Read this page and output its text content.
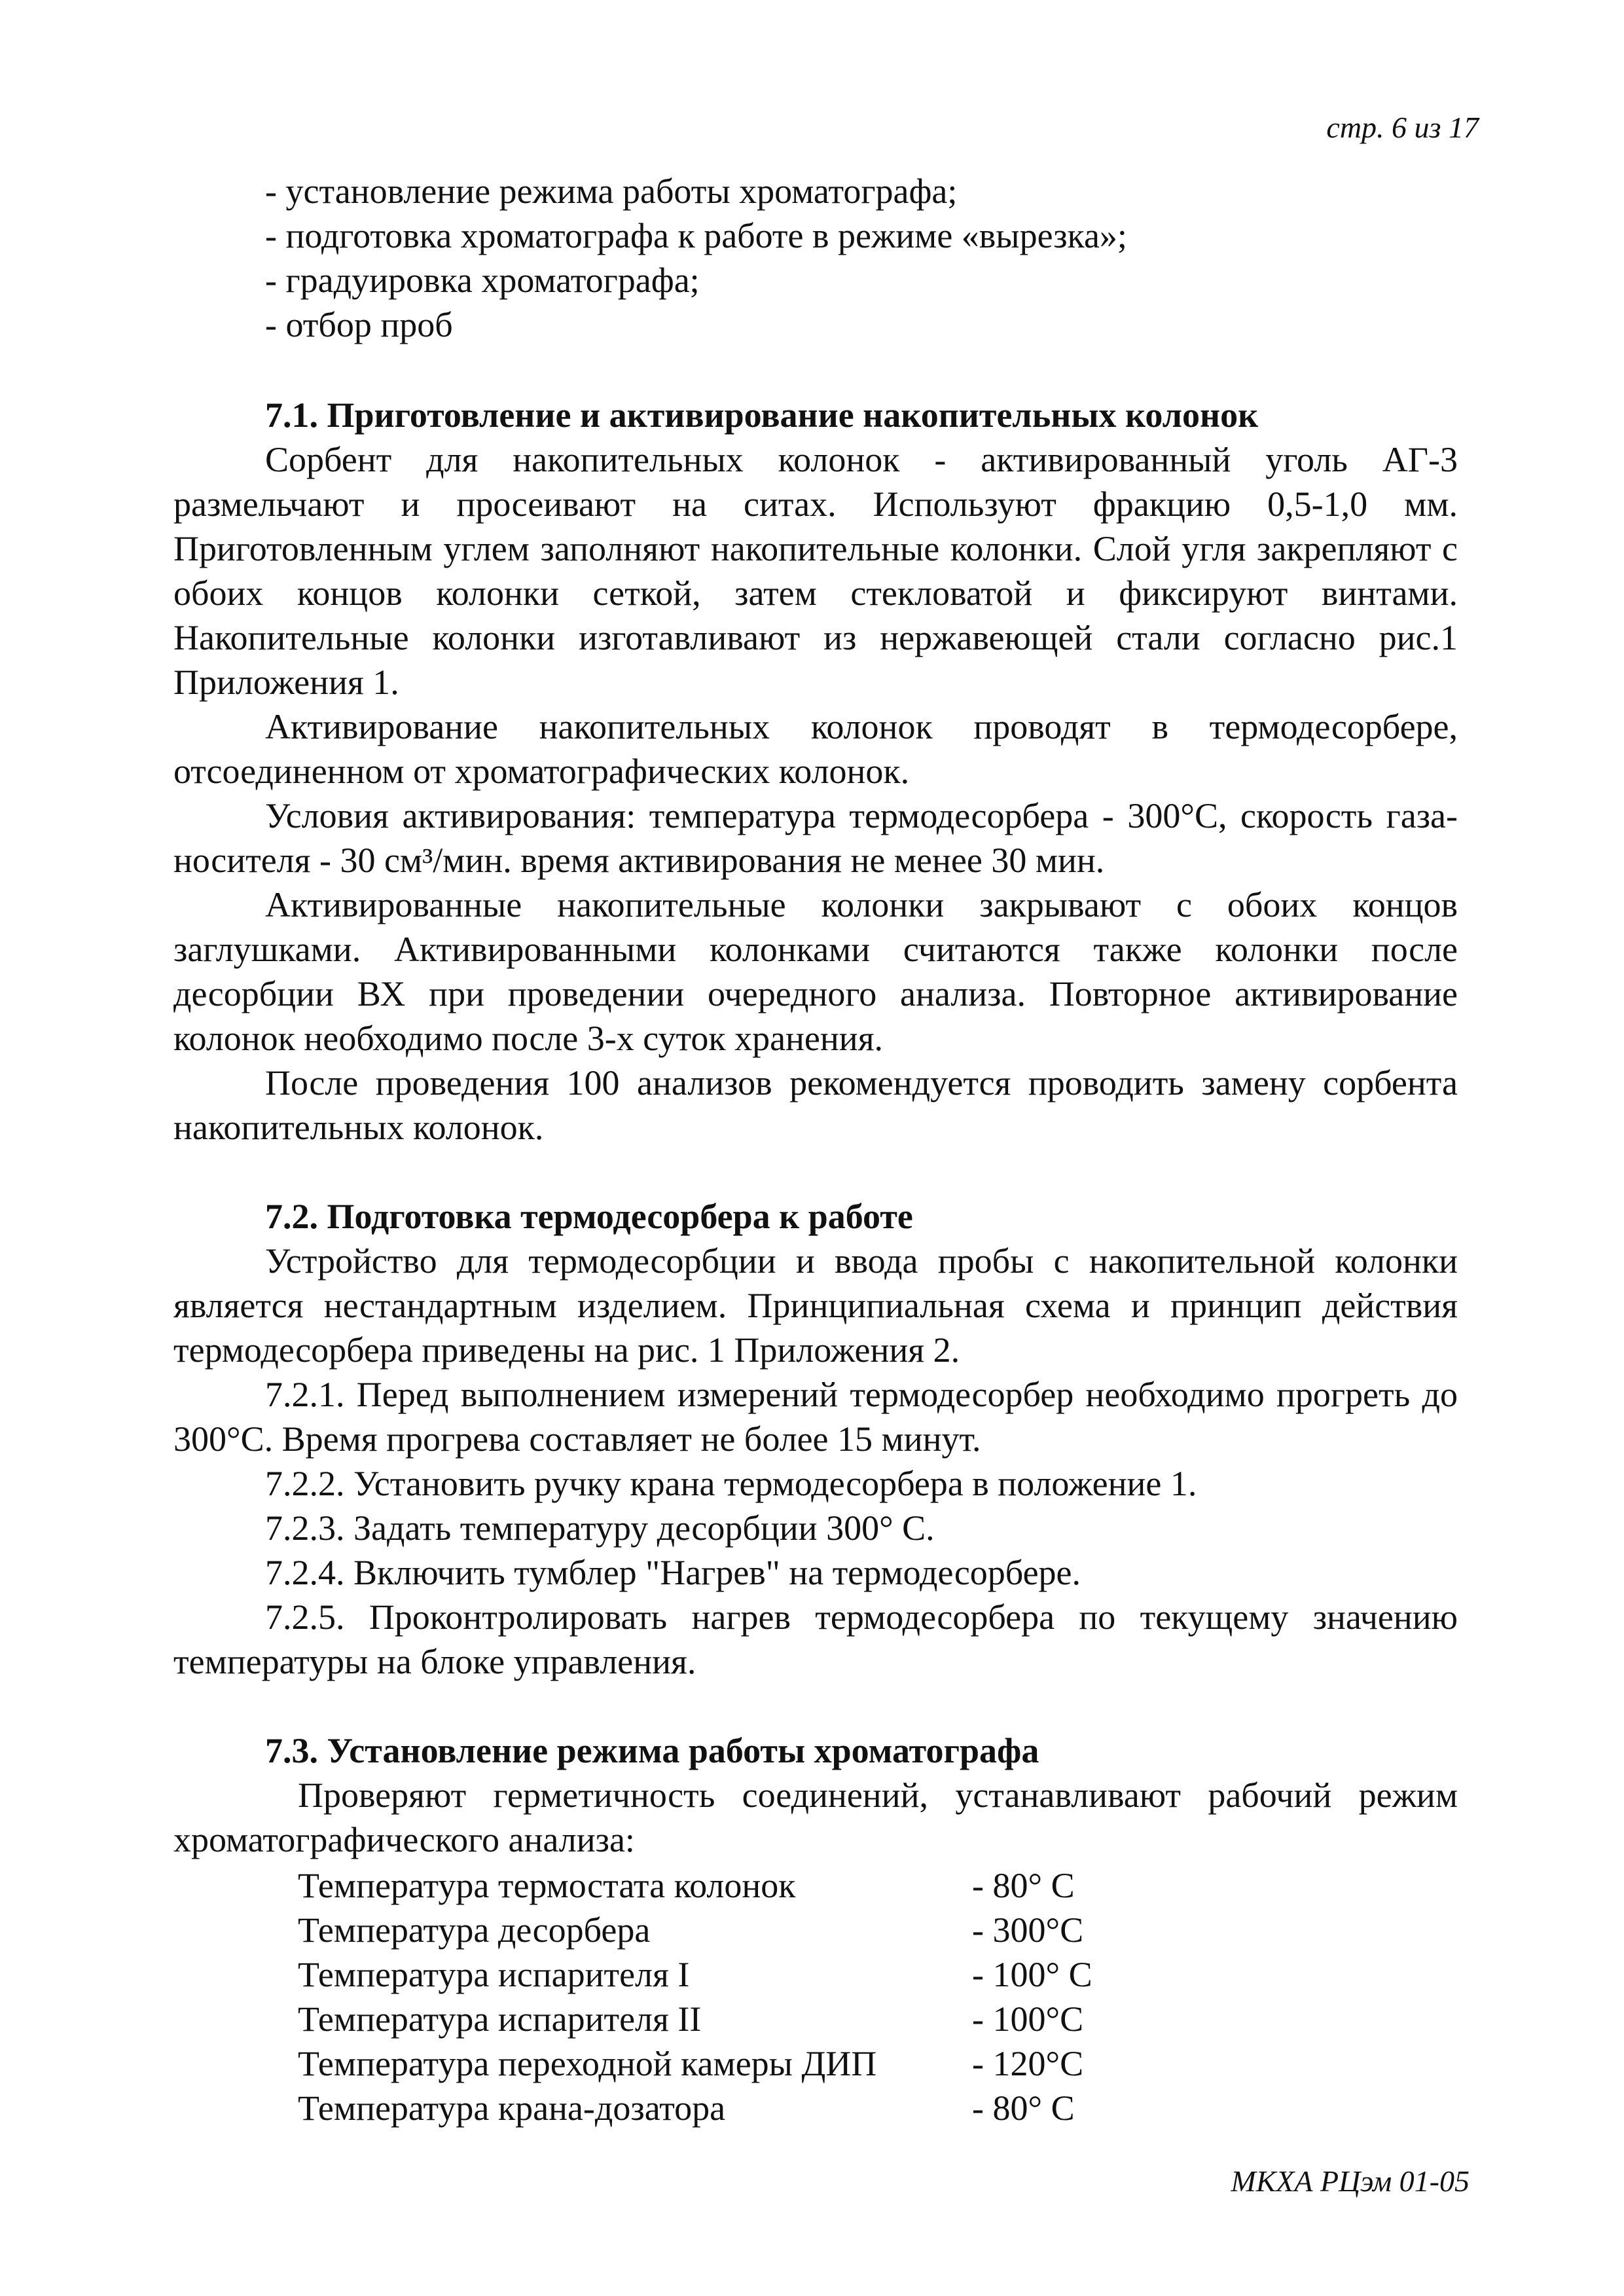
стр. 6 из 17
- установление режима работы хроматографа;
- подготовка хроматографа к работе в режиме «вырезка»;
- градуировка хроматографа;
- отбор проб
7.1. Приготовление и активирование накопительных колонок

Сорбент для накопительных колонок - активированный уголь АГ-3 размельчают и просеивают на ситах. Используют фракцию 0,5-1,0 мм. Приготовленным углем заполняют накопительные колонки. Слой угля закрепляют с обоих концов колонки сеткой, затем стекловатой и фиксируют винтами. Накопительные колонки изготавливают из нержавеющей стали согласно рис.1 Приложения 1.

Активирование накопительных колонок проводят в термодесорбере, отсоединенном от хроматографических колонок.

Условия активирования: температура термодесорбера - 300°С, скорость газа-носителя - 30 см³/мин. время активирования не менее 30 мин.

Активированные накопительные колонки закрывают с обоих концов заглушками. Активированными колонками считаются также колонки после десорбции ВХ при проведении очередного анализа. Повторное активирование колонок необходимо после 3-х суток хранения.

После проведения 100 анализов рекомендуется проводить замену сорбента накопительных колонок.

7.2. Подготовка термодесорбера к работе

Устройство для термодесорбции и ввода пробы с накопительной колонки является нестандартным изделием. Принципиальная схема и принцип действия термодесорбера приведены на рис. 1 Приложения 2.

7.2.1. Перед выполнением измерений термодесорбер необходимо прогреть до 300°С. Время прогрева составляет не более 15 минут.

7.2.2. Установить ручку крана термодесорбера в положение 1.

7.2.3. Задать температуру десорбции 300° С.

7.2.4. Включить тумблер "Нагрев" на термодесорбере.

7.2.5. Проконтролировать нагрев термодесорбера по текущему значению температуры на блоке управления.

7.3. Установление режима работы хроматографа

Проверяют герметичность соединений, устанавливают рабочий режим хроматографического анализа:

Температура термостата колонок	- 80° С
Температура десорбера	- 300°С
Температура испарителя I	- 100° С
Температура испарителя II	- 100°С
Температура переходной камеры ДИП	- 120°С
Температура крана-дозатора	- 80° С
МКХА РЦэм 01-05
